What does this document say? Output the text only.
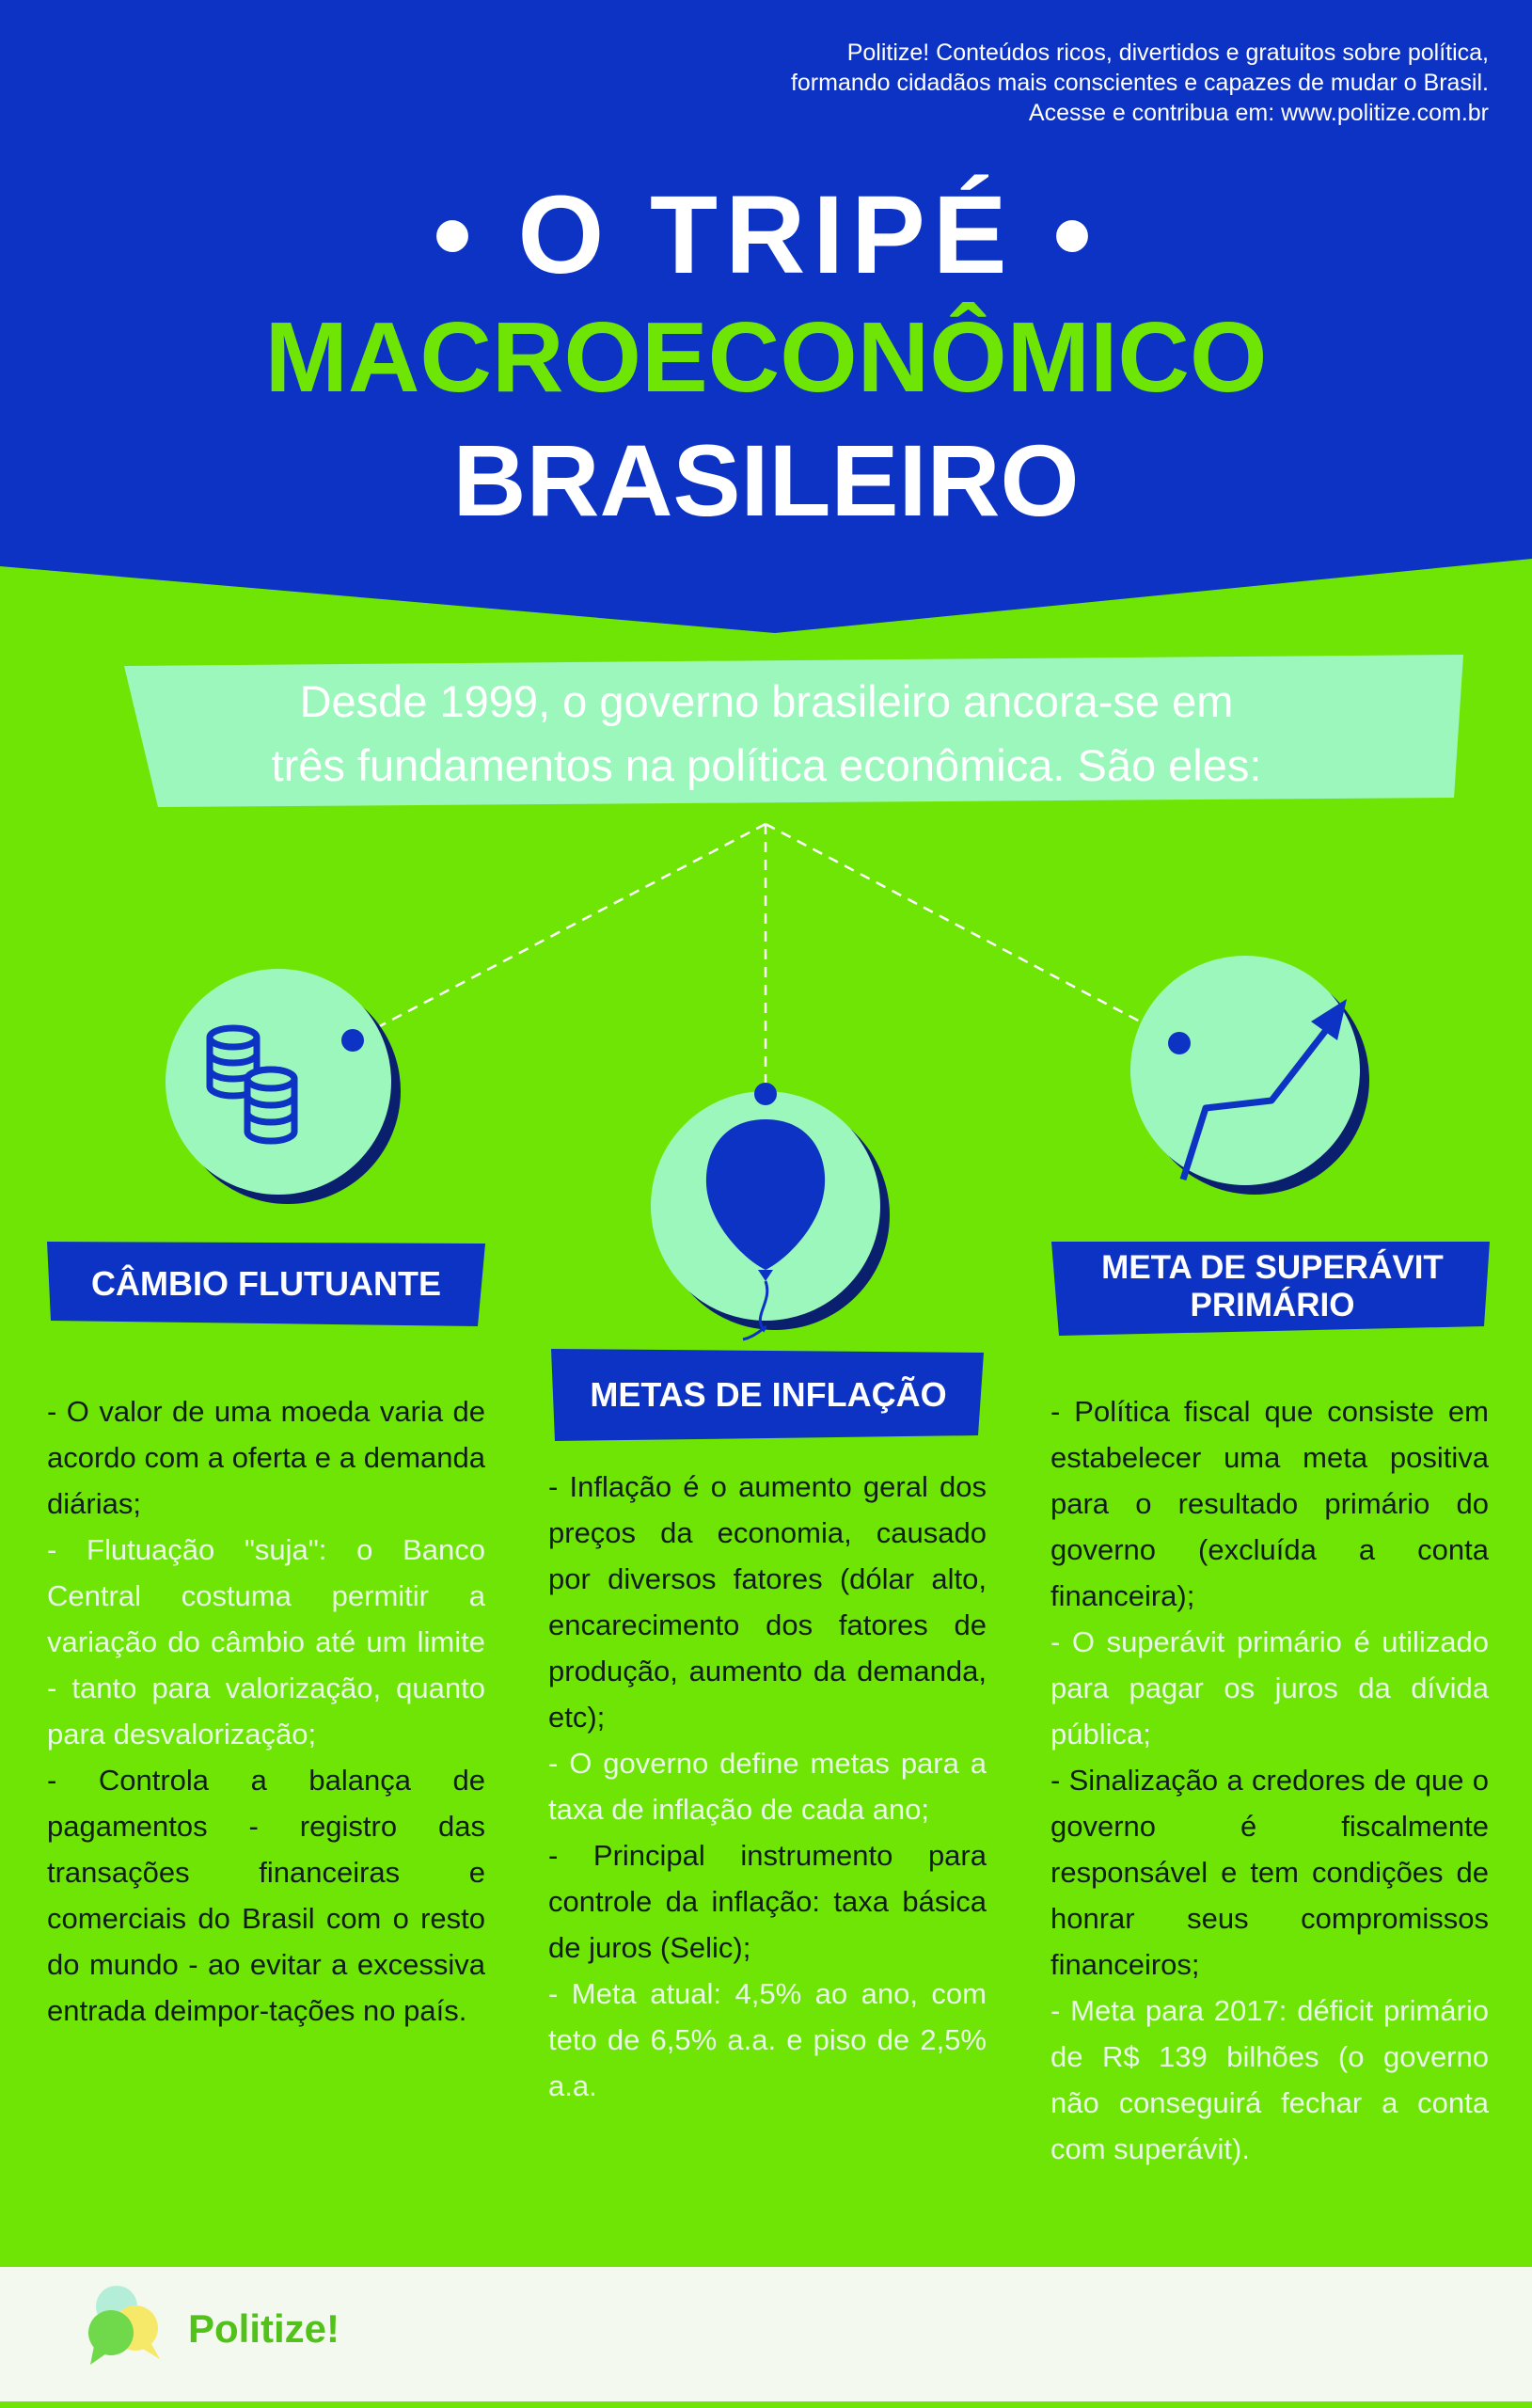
Politize! Conteúdos ricos, divertidos e gratuitos sobre política,
formando cidadãos mais conscientes e capazes de mudar o Brasil.
Acesse e contribua em: www.politize.com.br
• O TRIPÉ •
MACROECONÔMICO
BRASILEIRO
Desde 1999, o governo brasileiro ancora-se em
três fundamentos na política econômica. São eles:
CÂMBIO FLUTUANTE
METAS DE INFLAÇÃO
META DE SUPERÁVIT
PRIMÁRIO

- O valor de uma moeda varia de acordo com a oferta e a demanda diárias;

- Flutuação "suja": o Banco Central costuma permitir a variação do câmbio até um limite - tanto para valorização, quanto para desvalorização;

- Controla a balança de pagamentos - registro das transações financeiras e comerciais do Brasil com o resto do mundo - ao evitar a excessiva entrada deimpor-tações no país.

- Inflação é o aumento geral dos preços da economia, causado por diversos fatores (dólar alto, encarecimento dos fatores de produção, aumento da demanda, etc);

- O governo define metas para a taxa de inflação de cada ano;

- Principal instrumento para controle da inflação: taxa básica de juros (Selic);

- Meta atual: 4,5% ao ano, com teto de 6,5% a.a. e piso de 2,5% a.a.

- Política fiscal que consiste em estabelecer uma meta positiva para o resultado primário do governo (excluída a conta financeira);

- O superávit primário é utilizado para pagar os juros da dívida pública;

- Sinalização a credores de que o governo é fiscalmente responsável e tem condições de honrar seus compromissos financeiros;

- Meta para 2017: déficit primário de R$ 139 bilhões (o governo não conseguirá fechar a conta com superávit).

Politize!
